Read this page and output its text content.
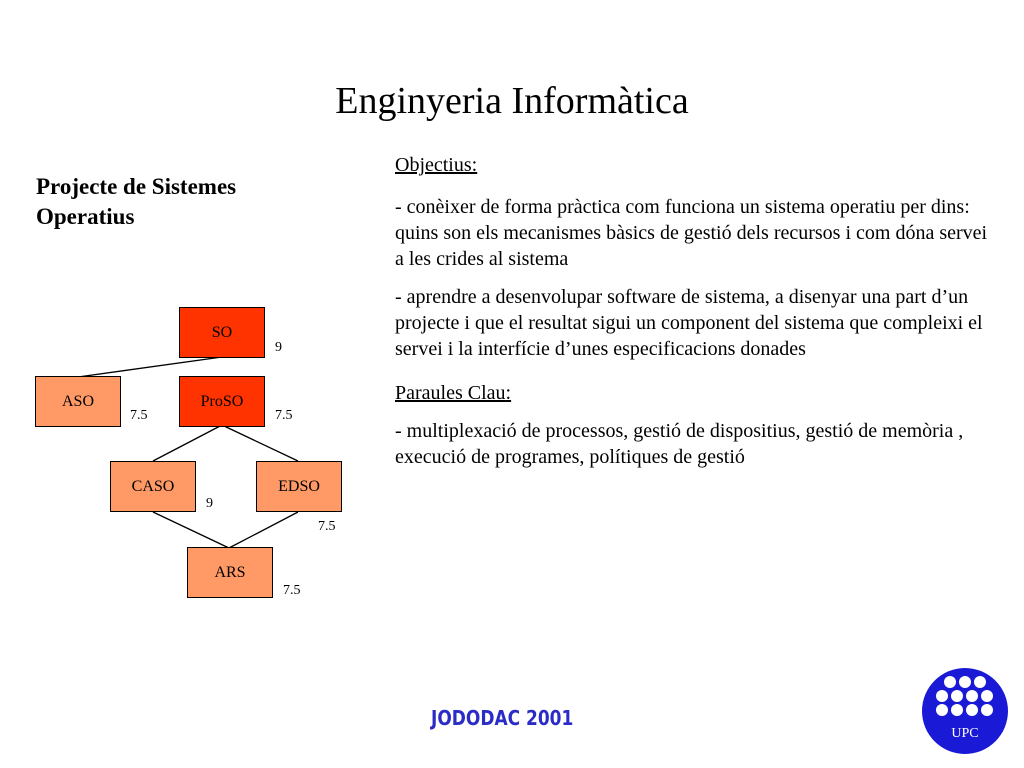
Enginyeria Informàtica
Projecte de Sistemes Operatius
Objectius:
- conèixer de forma pràctica com funciona un sistema operatiu per dins: quins son els mecanismes bàsics de gestió dels recursos i com dóna servei a les crides al sistema
- aprendre a desenvolupar software de sistema, a disenyar una part d’un projecte i que el resultat sigui un component del sistema que compleixi el servei i la interfície d’unes especificacions donades
Paraules Clau:
- multiplexació de processos, gestió de dispositius, gestió de memòria , execució de programes, polítiques de gestió
SO
9
ASO
7.5
ProSO
7.5
CASO
9
EDSO
7.5
ARS
7.5
JODODAC 2001
UPC
